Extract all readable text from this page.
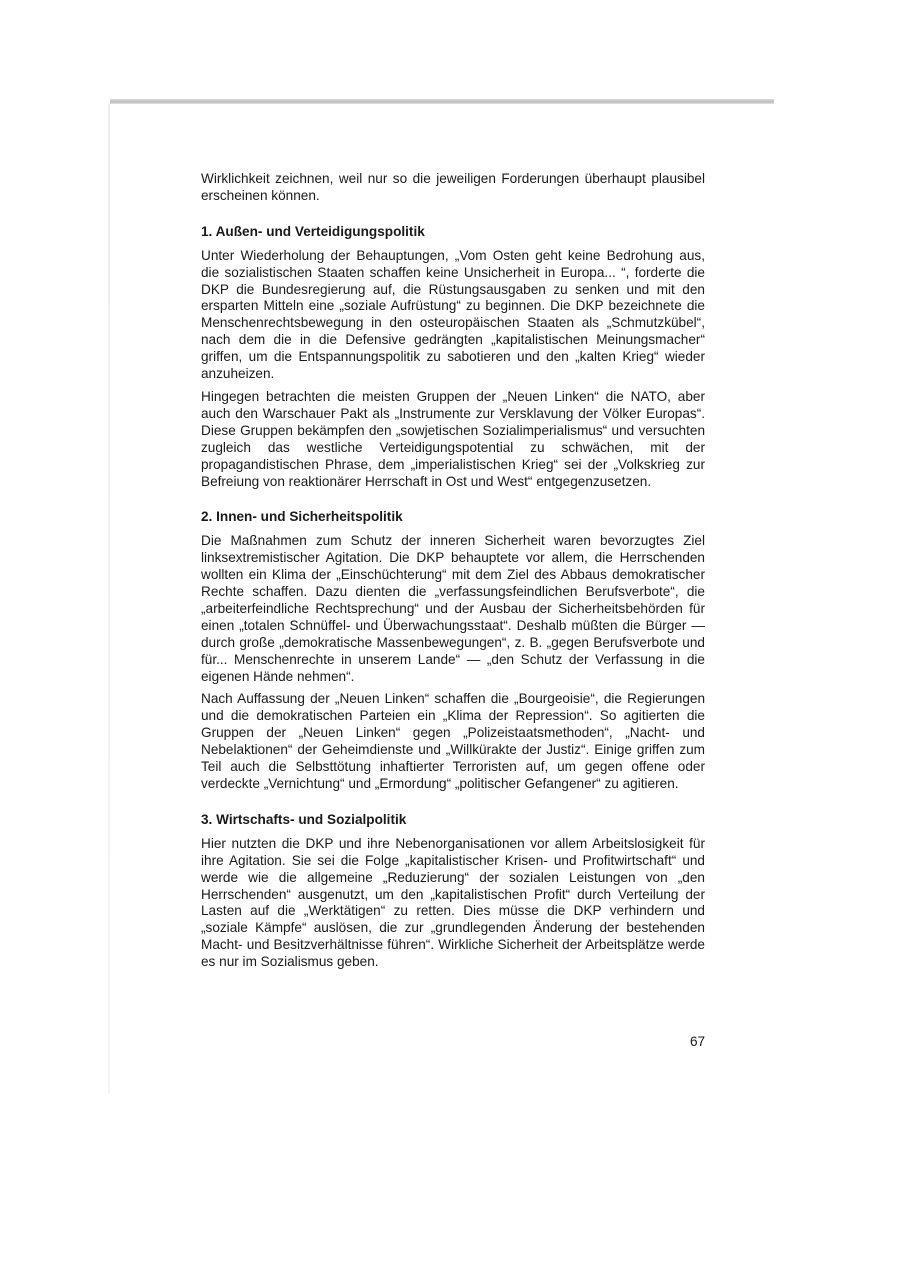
Wirklichkeit zeichnen, weil nur so die jeweiligen Forderungen überhaupt plausibel erscheinen können.

1. Außen- und Verteidigungspolitik

Unter Wiederholung der Behauptungen, „Vom Osten geht keine Bedrohung aus, die sozialistischen Staaten schaffen keine Unsicherheit in Europa... “, forderte die DKP die Bundesregierung auf, die Rüstungsausgaben zu senken und mit den ersparten Mitteln eine „soziale Aufrüstung“ zu beginnen. Die DKP bezeichnete die Menschenrechtsbewegung in den osteuropäischen Staaten als „Schmutzkübel“, nach dem die in die Defensive gedrängten „kapitalistischen Meinungsmacher“ griffen, um die Entspannungspolitik zu sabotieren und den „kalten Krieg“ wieder anzuheizen.

Hingegen betrachten die meisten Gruppen der „Neuen Linken“ die NATO, aber auch den Warschauer Pakt als „Instrumente zur Versklavung der Völker Europas“. Diese Gruppen bekämpfen den „sowjetischen Sozialimperialismus“ und versuchten zugleich das westliche Verteidigungspotential zu schwächen, mit der propagandistischen Phrase, dem „imperialistischen Krieg“ sei der „Volkskrieg zur Befreiung von reaktionärer Herrschaft in Ost und West“ entgegenzusetzen.

2. Innen- und Sicherheitspolitik

Die Maßnahmen zum Schutz der inneren Sicherheit waren bevorzugtes Ziel linksextremistischer Agitation. Die DKP behauptete vor allem, die Herrschenden wollten ein Klima der „Einschüchterung“ mit dem Ziel des Abbaus demokratischer Rechte schaffen. Dazu dienten die „verfassungsfeindlichen Berufsverbote“, die „arbeiterfeindliche Rechtsprechung“ und der Ausbau der Sicherheitsbehörden für einen „totalen Schnüffel- und Überwachungsstaat“. Deshalb müßten die Bürger — durch große „demokratische Massenbewegungen“, z. B. „gegen Berufsverbote und für... Menschenrechte in unserem Lande“ — „den Schutz der Verfassung in die eigenen Hände nehmen“.

Nach Auffassung der „Neuen Linken“ schaffen die „Bourgeoisie“, die Regierungen und die demokratischen Parteien ein „Klima der Repression“. So agitierten die Gruppen der „Neuen Linken“ gegen „Polizeistaatsmethoden“, „Nacht- und Nebelaktionen“ der Geheimdienste und „Willkürakte der Justiz“. Einige griffen zum Teil auch die Selbsttötung inhaftierter Terroristen auf, um gegen offene oder verdeckte „Vernichtung“ und „Ermordung“ „politischer Gefangener“ zu agitieren.

3. Wirtschafts- und Sozialpolitik

Hier nutzten die DKP und ihre Nebenorganisationen vor allem Arbeitslosigkeit für ihre Agitation. Sie sei die Folge „kapitalistischer Krisen- und Profitwirtschaft“ und werde wie die allgemeine „Reduzierung“ der sozialen Leistungen von „den Herrschenden“ ausgenutzt, um den „kapitalistischen Profit“ durch Verteilung der Lasten auf die „Werktätigen“ zu retten. Dies müsse die DKP verhindern und „soziale Kämpfe“ auslösen, die zur „grundlegenden Änderung der bestehenden Macht- und Besitzverhältnisse führen“. Wirkliche Sicherheit der Arbeitsplätze werde es nur im Sozialismus geben.

67
